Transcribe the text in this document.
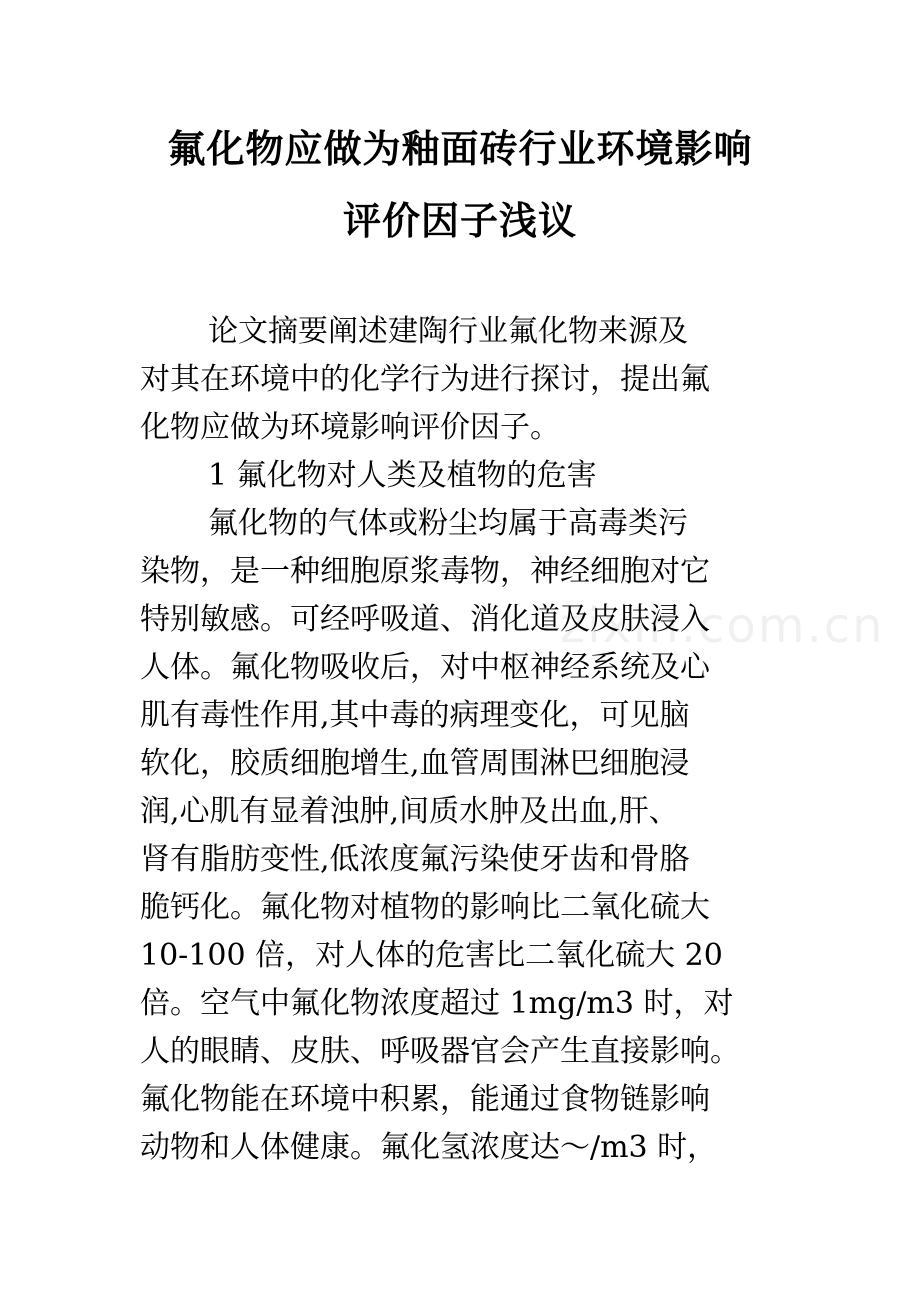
氟化物应做为釉面砖行业环境影响
评价因子浅议
论文摘要阐述建陶行业氟化物来源及
对其在环境中的化学行为进行探讨，提出氟
化物应做为环境影响评价因子。
1 氟化物对人类及植物的危害
氟化物的气体或粉尘均属于高毒类污
染物，是一种细胞原浆毒物，神经细胞对它
特别敏感。可经呼吸道、消化道及皮肤浸入
人体。氟化物吸收后，对中枢神经系统及心
肌有毒性作用,其中毒的病理变化，可见脑
软化，胶质细胞增生,血管周围淋巴细胞浸
润,心肌有显着浊肿,间质水肿及出血,肝、
肾有脂肪变性,低浓度氟污染使牙齿和骨胳
脆钙化。氟化物对植物的影响比二氧化硫大
10-100 倍，对人体的危害比二氧化硫大 20
倍。空气中氟化物浓度超过 1mg/m3 时，对
人的眼睛、皮肤、呼吸器官会产生直接影响。
氟化物能在环境中积累，能通过食物链影响
动物和人体健康。氟化氢浓度达～/m3 时，
zixin.com.cn
